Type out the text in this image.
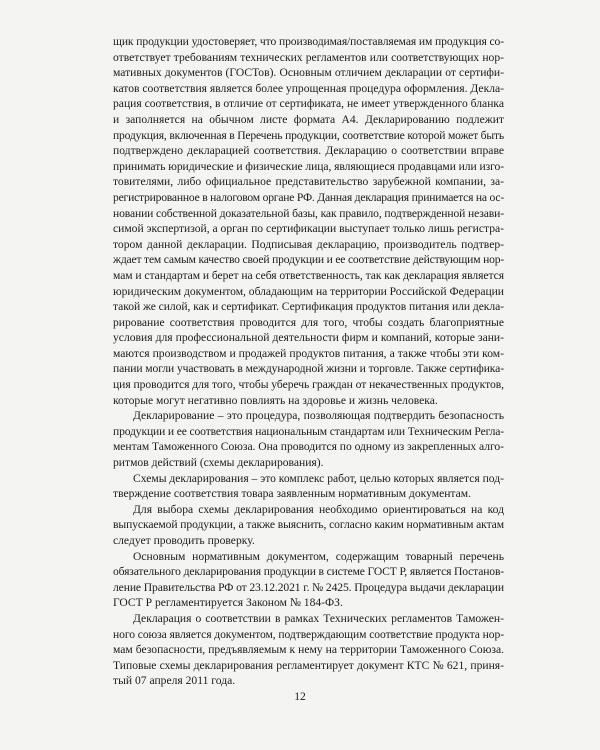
щик продукции удостоверяет, что производимая/поставляемая им продукция со-
ответствует требованиям технических регламентов или соответствующих нор-
мативных документов (ГОСТов). Основным отличием декларации от сертифи-
катов соответствия является более упрощенная процедура оформления. Декла-
рация соответствия, в отличие от сертификата, не имеет утвержденного бланка
и заполняется на обычном листе формата А4. Декларированию подлежит
продукция, включенная в Перечень продукции, соответствие которой может быть
подтверждено декларацией соответствия. Декларацию о соответствии вправе
принимать юридические и физические лица, являющиеся продавцами или изго-
товителями, либо официальное представительство зарубежной компании, за-
регистрированное в налоговом органе РФ. Данная декларация принимается на ос-
новании собственной доказательной базы, как правило, подтвержденной незави-
симой экспертизой, а орган по сертификации выступает только лишь регистра-
тором данной декларации. Подписывая декларацию, производитель подтвер-
ждает тем самым качество своей продукции и ее соответствие действующим нор-
мам и стандартам и берет на себя ответственность, так как декларация является
юридическим документом, обладающим на территории Российской Федерации
такой же силой, как и сертификат. Сертификация продуктов питания или декла-
рирование соответствия проводится для того, чтобы создать благоприятные
условия для профессиональной деятельности фирм и компаний, которые зани-
маются производством и продажей продуктов питания, а также чтобы эти ком-
пании могли участвовать в международной жизни и торговле. Также сертифика-
ция проводится для того, чтобы уберечь граждан от некачественных продуктов,
которые могут негативно повлиять на здоровье и жизнь человека.
Декларирование – это процедура, позволяющая подтвердить безопасность
продукции и ее соответствия национальным стандартам или Техническим Регла-
ментам Таможенного Союза. Она проводится по одному из закрепленных алго-
ритмов действий (схемы декларирования).
Схемы декларирования – это комплекс работ, целью которых является под-
тверждение соответствия товара заявленным нормативным документам.
Для выбора схемы декларирования необходимо ориентироваться на код
выпускаемой продукции, а также выяснить, согласно каким нормативным актам
следует проводить проверку.
Основным нормативным документом, содержащим товарный перечень
обязательного декларирования продукции в системе ГОСТ Р, является Постанов-
ление Правительства РФ от 23.12.2021 г. № 2425. Процедура выдачи декларации
ГОСТ Р регламентируется Законом № 184-ФЗ.
Декларация о соответствии в рамках Технических регламентов Таможен-
ного союза является документом, подтверждающим соответствие продукта нор-
мам безопасности, предъявляемым к нему на территории Таможенного Союза.
Типовые схемы декларирования регламентирует документ КТС № 621, приня-
тый 07 апреля 2011 года.
12
